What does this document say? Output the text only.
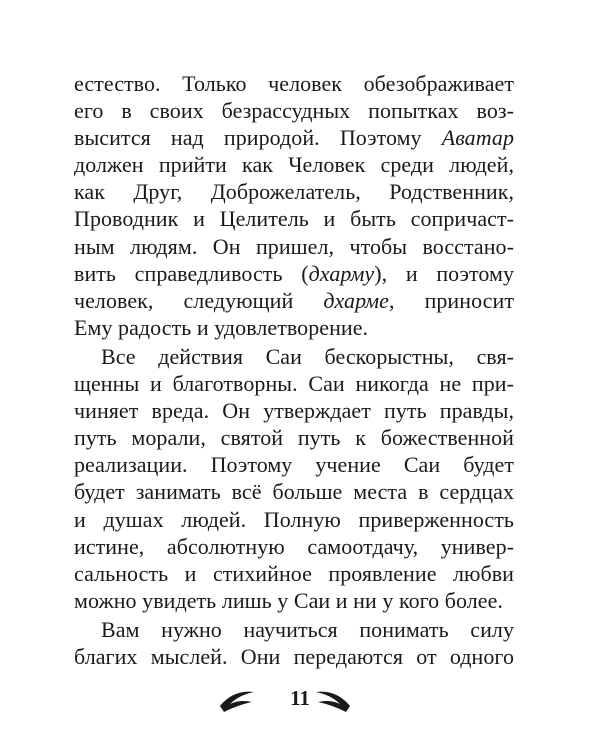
естество. Только человек обезображивает
его в своих безрассудных попытках воз-
высится над природой. Поэтому Аватар
должен прийти как Человек среди людей,
как Друг, Доброжелатель, Родственник,
Проводник и Целитель и быть сопричаст-
ным людям. Он пришел, чтобы восстано-
вить справедливость (дхарму), и поэтому
человек, следующий дхарме, приносит
Ему радость и удовлетворение.
Все действия Саи бескорыстны, свя-
щенны и благотворны. Саи никогда не при-
чиняет вреда. Он утверждает путь правды,
путь морали, святой путь к божественной
реализации. Поэтому учение Саи будет
будет занимать всё больше места в сердцах
и душах людей. Полную приверженность
истине, абсолютную самоотдачу, универ-
сальность и стихийное проявление любви
можно увидеть лишь у Саи и ни у кого более.
Вам нужно научиться понимать силу
благих мыслей. Они передаются от одного
11
